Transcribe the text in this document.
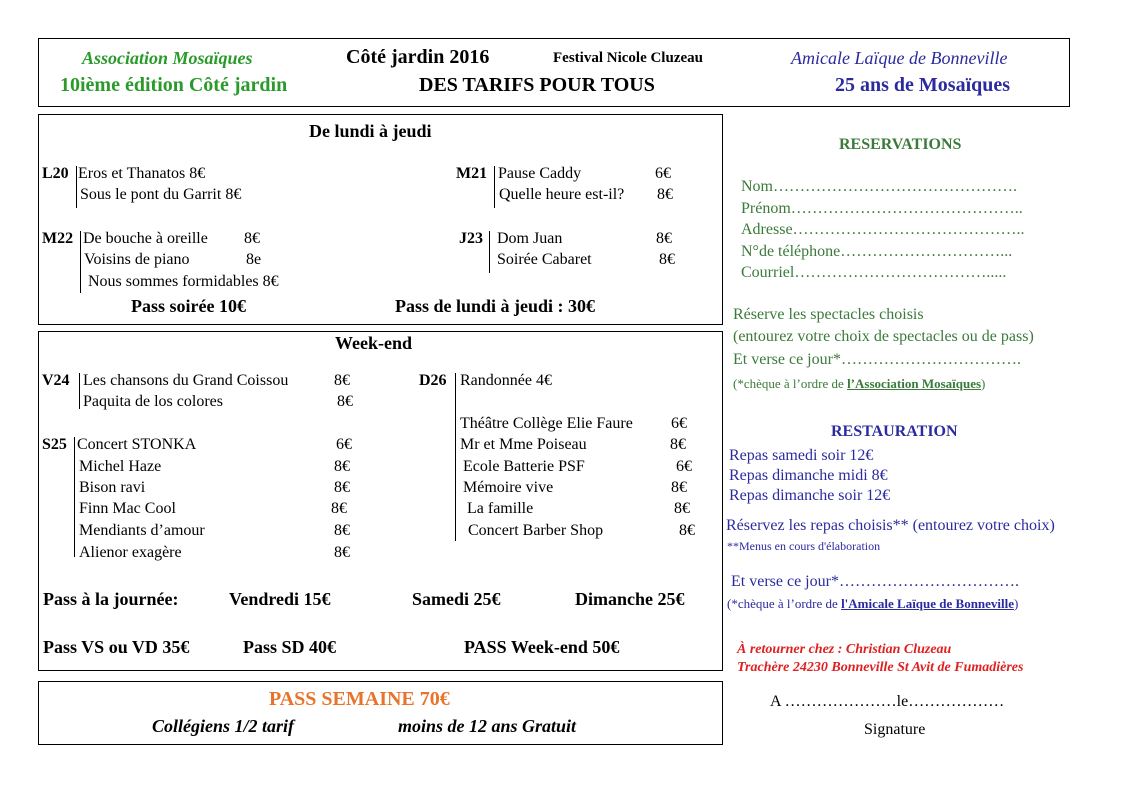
Association Mosaïques
10ième édition Côté jardin
Côté jardin 2016	Festival Nicole Cluzeau
DES TARIFS POUR TOUS
Amicale Laïque de Bonneville
25 ans de Mosaïques
De lundi à jeudi
L20 Eros et Thanatos 8€
Sous le pont du Garrit 8€
M21 Pause Caddy	6€
Quelle heure est-il? 8€
M22 De bouche à oreille 8€
Voisins de piano	8e
Nous sommes formidables 8€
J23 Dom Juan	8€
Soirée Cabaret	8€
Pass soirée 10€	Pass de lundi à jeudi : 30€
Week-end
V24 Les chansons du Grand Coissou	8€
Paquita de los colores	8€
D26 Randonnée 4€
Théâtre Collège Elie Faure 6€
Mr et Mme Poiseau	8€
Ecole Batterie PSF	6€
Mémoire vive	8€
La famille	8€
Concert Barber Shop	8€
S25 Concert STONKA	6€
Michel Haze	8€
Bison ravi	8€
Finn Mac Cool	8€
Mendiants d’amour	8€
Alienor exagère	8€
Pass à la journée:	Vendredi 15€	Samedi 25€	Dimanche 25€
Pass VS ou VD 35€	Pass SD 40€	PASS Week-end 50€
PASS SEMAINE 70€
Collégiens 1/2 tarif	moins de 12 ans Gratuit
RESERVATIONS
Nom……………………………………….
Prénom……………………………………..
Adresse……………………………………..
N°de téléphone…………………………...
Courriel……………………………….....
Réserve les spectacles choisis
(entourez votre choix de spectacles ou de pass)
Et verse ce jour*…………………………….
(*chèque à l’ordre de l’Association Mosaïques)
RESTAURATION
Repas samedi soir 12€
Repas dimanche midi 8€
Repas dimanche soir 12€
Réservez les repas choisis** (entourez votre choix)
**Menus en cours d'élaboration
Et verse ce jour*…………………………….
(*chèque à l’ordre de l'Amicale Laïque de Bonneville)
À retourner chez : Christian Cluzeau
Trachère 24230 Bonneville St Avit de Fumadières
A …………………le………………
Signature
